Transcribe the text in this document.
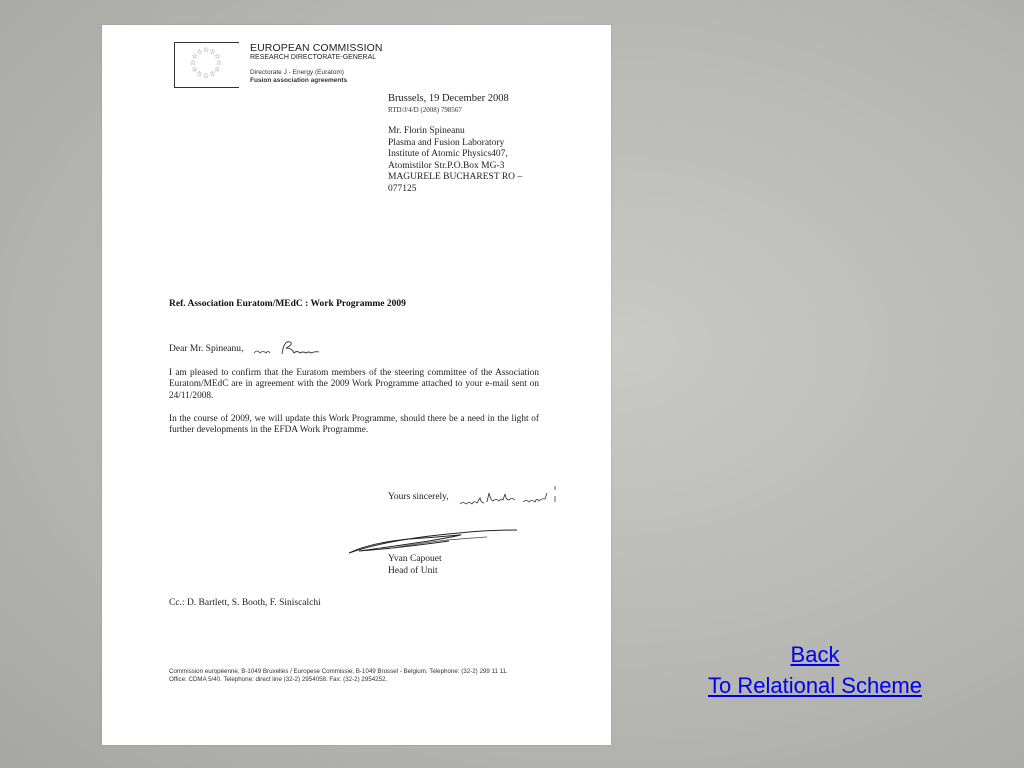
☆ ☆
☆
☆
☆
☆
☆
☆
☆
☆
☆
☆	EUROPEAN COMMISSION
RESEARCH DIRECTORATE-GENERAL
Directorate J - Energy (Euratom)
Fusion association agreements
Brussels, 19 December 2008
RTD/J/4/D (2008) 798567
Mr. Florin Spineanu
Plasma and Fusion Laboratory
Institute of Atomic Physics407,
Atomistilor Str.P.O.Box MG-3
MAGURELE BUCHAREST RO –
077125
Ref. Association Euratom/MEdC : Work Programme 2009
Dear Mr. Spineanu,
I am pleased to confirm that the Euratom members of the steering committee of the Association Euratom/MEdC are in agreement with the 2009 Work Programme attached to your e-mail sent on 24/11/2008.
In the course of 2009, we will update this Work Programme, should there be a need in the light of further developments in the EFDA Work Programme.
Yours sincerely,
Yvan Capouet
Head of Unit
Cc.: D. Bartlett, S. Booth, F. Siniscalchi
Commission européenne, B-1049 Bruxelles / Europese Commissie, B-1049 Brussel - Belgium. Telephone: (32-2) 299 11 11.
Office: CDMA 5/40. Telephone: direct line (32-2) 2954058. Fax: (32-2) 2954252.
Back
To Relational Scheme
